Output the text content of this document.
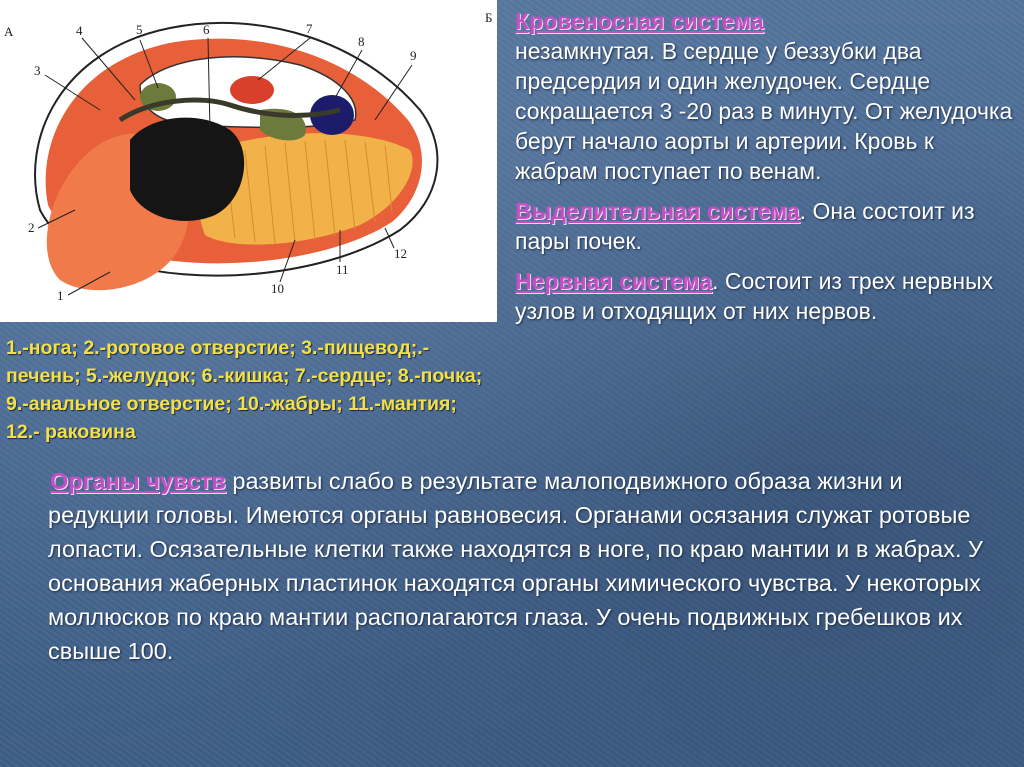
А
Б
1
2
3
4	5	6	7
8
9
10
11
12

1.-нога; 2.-ротовое отверстие; 3.-пищевод;.-печень; 5.-желудок; 6.-кишка; 7.-сердце; 8.-почка; 9.-анальное отверстие; 10.-жабры; 11.-мантия; 12.- раковина

Кровеносная система
незамкнутая. В сердце у беззубки два предсердия и один желудочек. Сердце сокращается 3 -20 раз в минуту. От желудочка берут начало аорты и артерии. Кровь к жабрам поступает по венам.

Выделительная система. Она состоит из пары почек.

Нервная система. Состоит из трех нервных узлов и отходящих от них нервов.

Органы чувств развиты слабо в результате малоподвижного образа жизни и редукции головы. Имеются органы равновесия. Органами осязания служат ротовые лопасти. Осязательные клетки также находятся в ноге, по краю мантии и в жабрах. У основания жаберных пластинок находятся органы химического чувства. У некоторых моллюсков по краю мантии располагаются глаза. У очень подвижных гребешков их свыше 100.
